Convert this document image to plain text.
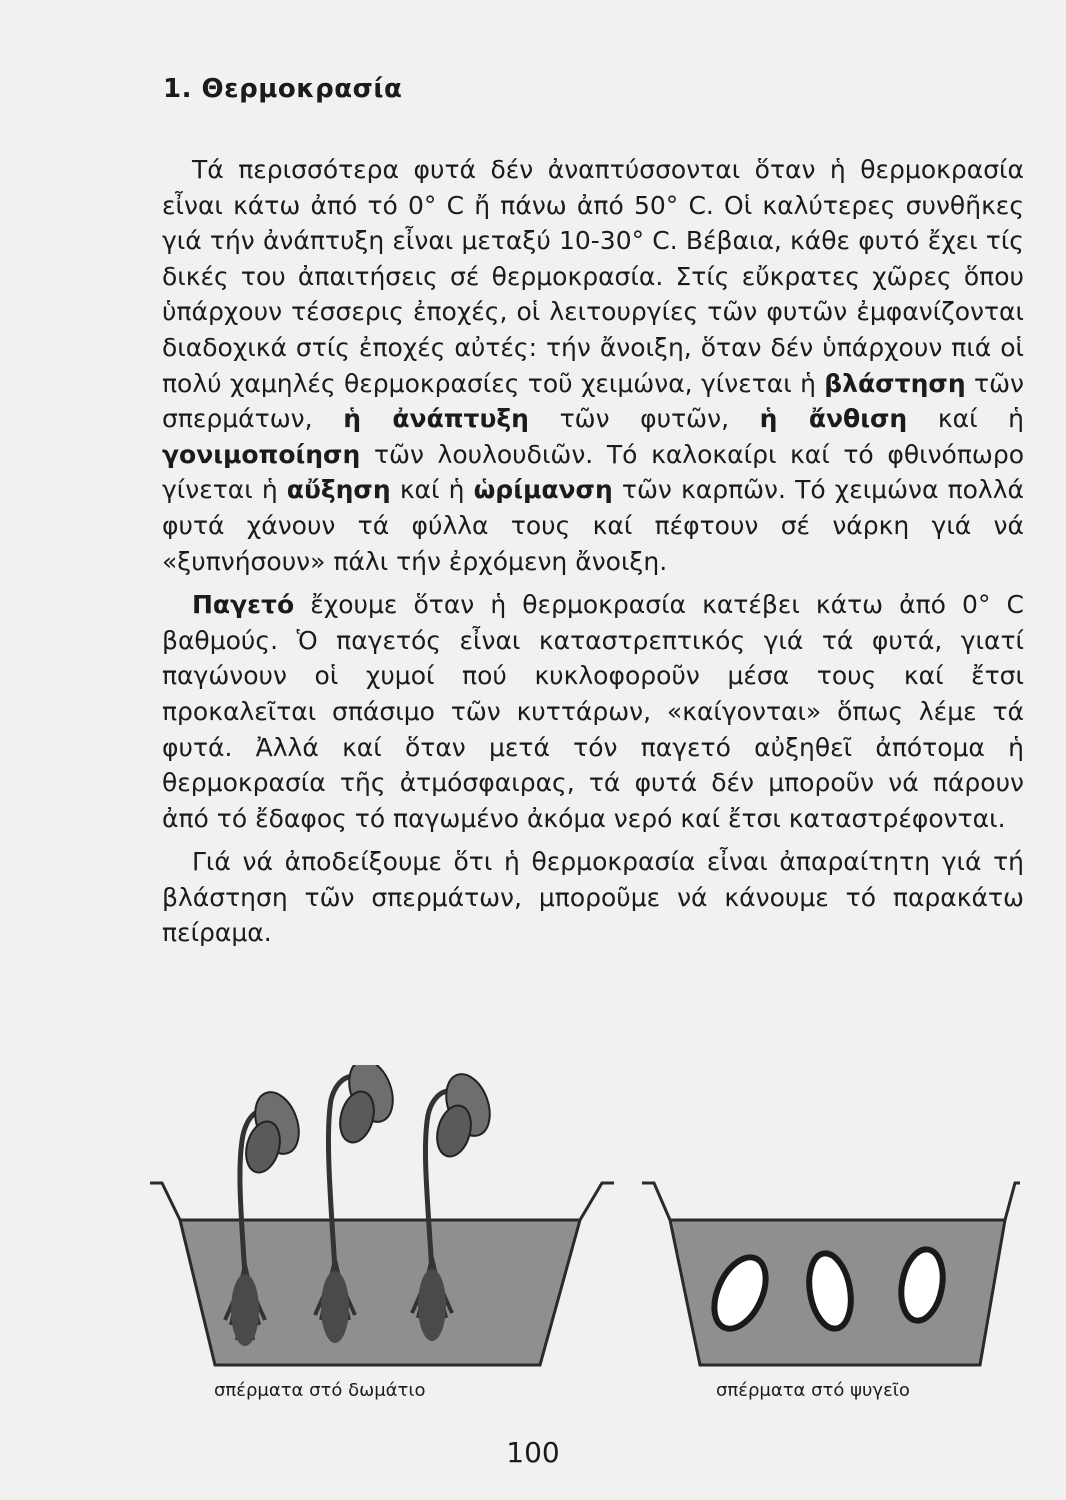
1. Θερμοκρασία

Τά περισσότερα φυτά δέν ἀναπτύσσονται ὅταν ἡ θερμοκρασία εἶναι κάτω ἀπό τό 0° C ἤ πάνω ἀπό 50° C. Οἱ καλύτερες συνθῆκες γιά τήν ἀνάπτυξη εἶναι μεταξύ 10-30° C. Βέβαια, κάθε φυτό ἔχει τίς δικές του ἀπαιτήσεις σέ θερμοκρασία. Στίς εὔκρατες χῶρες ὅπου ὑπάρχουν τέσσερις ἐποχές, οἱ λειτουργίες τῶν φυτῶν ἐμφανίζονται διαδοχικά στίς ἐποχές αὐτές: τήν ἄνοιξη, ὅταν δέν ὑπάρχουν πιά οἱ πολύ χαμηλές θερμοκρασίες τοῦ χειμώνα, γίνεται ἡ βλάστηση τῶν σπερμάτων, ἡ ἀνάπτυξη τῶν φυτῶν, ἡ ἄνθιση καί ἡ γονιμοποίηση τῶν λουλουδιῶν. Τό καλοκαίρι καί τό φθινόπωρο γίνεται ἡ αὔξηση καί ἡ ὡρίμανση τῶν καρπῶν. Τό χειμώνα πολλά φυτά χάνουν τά φύλλα τους καί πέφτουν σέ νάρκη γιά νά «ξυπνήσουν» πάλι τήν ἐρχόμενη ἄνοιξη.

Παγετό ἔχουμε ὅταν ἡ θερμοκρασία κατέβει κάτω ἀπό 0° C βαθμούς. Ὁ παγετός εἶναι καταστρεπτικός γιά τά φυτά, γιατί παγώνουν οἱ χυμοί πού κυκλοφοροῦν μέσα τους καί ἔτσι προκαλεῖται σπάσιμο τῶν κυττάρων, «καίγονται» ὅπως λέμε τά φυτά. Ἀλλά καί ὅταν μετά τόν παγετό αὐξηθεῖ ἀπότομα ἡ θερμοκρασία τῆς ἀτμόσφαιρας, τά φυτά δέν μποροῦν νά πάρουν ἀπό τό ἔδαφος τό παγωμένο ἀκόμα νερό καί ἔτσι καταστρέφονται.

Γιά νά ἀποδείξουμε ὅτι ἡ θερμοκρασία εἶναι ἀπαραίτητη γιά τή βλάστηση τῶν σπερμάτων, μποροῦμε νά κάνουμε τό παρακάτω πείραμα.

σπέρματα στό δωμάτιο	σπέρματα στό ψυγεῖο
100
